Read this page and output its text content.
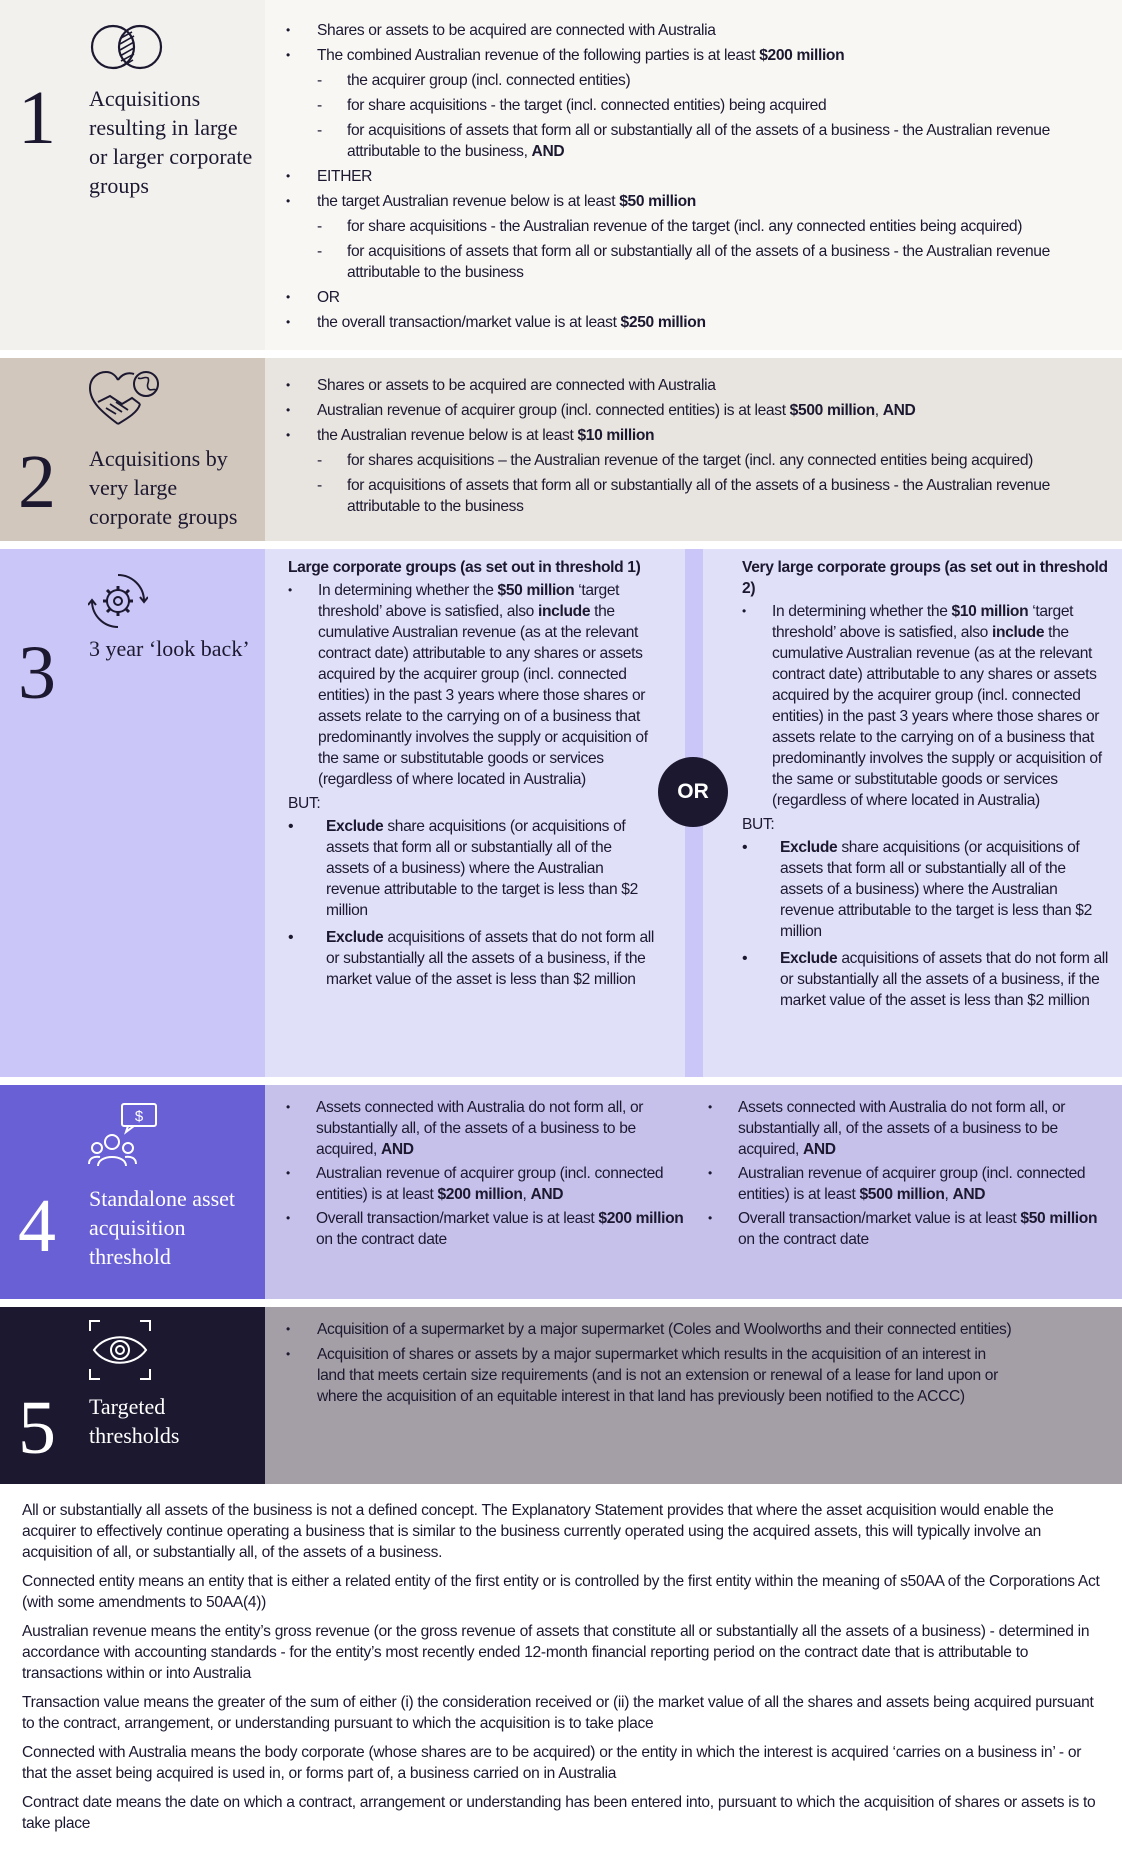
1 Acquisitions resulting in large or larger corporate groups
• Shares or assets to be acquired are connected with Australia
• The combined Australian revenue of the following parties is at least $200 million
- the acquirer group (incl. connected entities)
- for share acquisitions - the target (incl. connected entities) being acquired
- for acquisitions of assets that form all or substantially all of the assets of a business - the Australian revenue attributable to the business, AND
• EITHER
• the target Australian revenue below is at least $50 million
- for share acquisitions - the Australian revenue of the target (incl. any connected entities being acquired)
- for acquisitions of assets that form all or substantially all of the assets of a business - the Australian revenue attributable to the business
• OR
• the overall transaction/market value is at least $250 million
2 Acquisitions by very large corporate groups
• Shares or assets to be acquired are connected with Australia
• Australian revenue of acquirer group (incl. connected entities) is at least $500 million, AND
• the Australian revenue below is at least $10 million
- for shares acquisitions – the Australian revenue of the target (incl. any connected entities being acquired)
- for acquisitions of assets that form all or substantially all of the assets of a business - the Australian revenue attributable to the business
3 3 year ‘look back’
Large corporate groups (as set out in threshold 1)
• In determining whether the $50 million ‘target threshold’ above is satisfied, also include the cumulative Australian revenue (as at the relevant contract date) attributable to any shares or assets acquired by the acquirer group (incl. connected entities) in the past 3 years where those shares or assets relate to the carrying on of a business that predominantly involves the supply or acquisition of the same or substitutable goods or services (regardless of where located in Australia)
BUT:
• Exclude share acquisitions (or acquisitions of assets that form all or substantially all of the assets of a business) where the Australian revenue attributable to the target is less than $2 million
• Exclude acquisitions of assets that do not form all or substantially all the assets of a business, if the market value of the asset is less than $2 million
Very large corporate groups (as set out in threshold 2)
• In determining whether the $10 million ‘target threshold’ above is satisfied, also include the cumulative Australian revenue (as at the relevant contract date) attributable to any shares or assets acquired by the acquirer group (incl. connected entities) in the past 3 years where those shares or assets relate to the carrying on of a business that predominantly involves the supply or acquisition of the same or substitutable goods or services (regardless of where located in Australia)
BUT:
• Exclude share acquisitions (or acquisitions of assets that form all or substantially all of the assets of a business) where the Australian revenue attributable to the target is less than $2 million
• Exclude acquisitions of assets that do not form all or substantially all the assets of a business, if the market value of the asset is less than $2 million
OR
$
4 Standalone asset acquisition threshold
• Assets connected with Australia do not form all, or substantially all, of the assets of a business to be acquired, AND
• Australian revenue of acquirer group (incl. connected entities) is at least $200 million, AND
• Overall transaction/market value is at least $200 million on the contract date
• Assets connected with Australia do not form all, or substantially all, of the assets of a business to be acquired, AND
• Australian revenue of acquirer group (incl. connected entities) is at least $500 million, AND
• Overall transaction/market value is at least $50 million on the contract date
5 Targeted thresholds
• Acquisition of a supermarket by a major supermarket (Coles and Woolworths and their connected entities)
• Acquisition of shares or assets by a major supermarket which results in the acquisition of an interest in land that meets certain size requirements (and is not an extension or renewal of a lease for land upon or where the acquisition of an equitable interest in that land has previously been notified to the ACCC)

All or substantially all assets of the business is not a defined concept. The Explanatory Statement provides that where the asset acquisition would enable the acquirer to effectively continue operating a business that is similar to the business currently operated using the acquired assets, this will typically involve an acquisition of all, or substantially all, of the assets of a business.

Connected entity means an entity that is either a related entity of the first entity or is controlled by the first entity within the meaning of s50AA of the Corporations Act (with some amendments to 50AA(4))

Australian revenue means the entity’s gross revenue (or the gross revenue of assets that constitute all or substantially all the assets of a business) - determined in accordance with accounting standards - for the entity’s most recently ended 12-month financial reporting period on the contract date that is attributable to transactions within or into Australia

Transaction value means the greater of the sum of either (i) the consideration received or (ii) the market value of all the shares and assets being acquired pursuant to the contract, arrangement, or understanding pursuant to which the acquisition is to take place

Connected with Australia means the body corporate (whose shares are to be acquired) or the entity in which the interest is acquired ‘carries on a business in’ - or that the asset being acquired is used in, or forms part of, a business carried on in Australia

Contract date means the date on which a contract, arrangement or understanding has been entered into, pursuant to which the acquisition of shares or assets is to take place
